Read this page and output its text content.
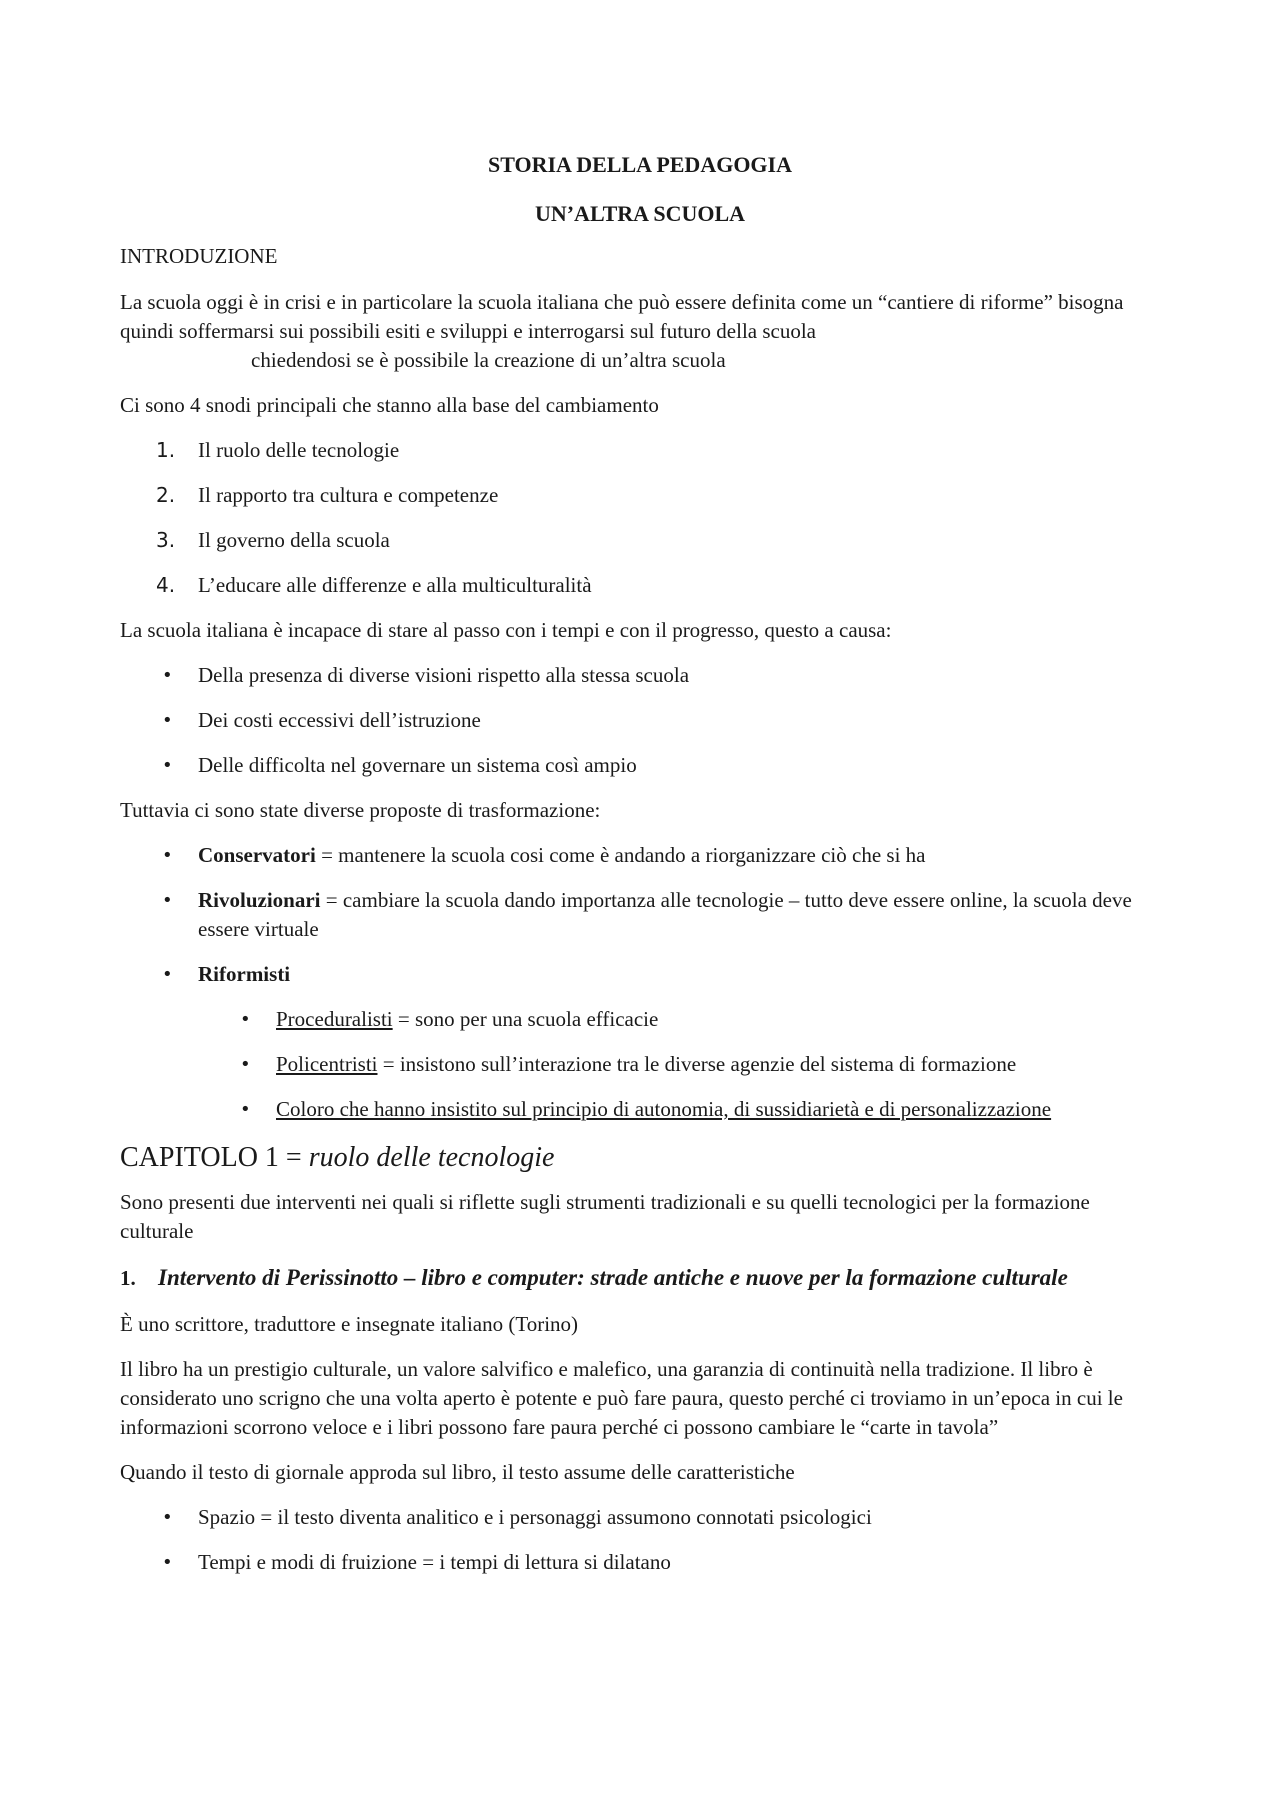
STORIA DELLA PEDAGOGIA

UN’ALTRA SCUOLA

INTRODUZIONE

La scuola oggi è in crisi e in particolare la scuola italiana che può essere definita come un “cantiere di riforme” bisogna quindi soffermarsi sui possibili esiti e sviluppi e interrogarsi sul futuro della scuola
chiedendosi se è possibile la creazione di un’altra scuola

Ci sono 4 snodi principali che stanno alla base del cambiamento

1. Il ruolo delle tecnologie
2. Il rapporto tra cultura e competenze
3. Il governo della scuola
4. L’educare alle differenze e alla multiculturalità

La scuola italiana è incapace di stare al passo con i tempi e con il progresso, questo a causa:

• Della presenza di diverse visioni rispetto alla stessa scuola
• Dei costi eccessivi dell’istruzione
• Delle difficolta nel governare un sistema così ampio

Tuttavia ci sono state diverse proposte di trasformazione:

• Conservatori = mantenere la scuola cosi come è andando a riorganizzare ciò che si ha
• Rivoluzionari = cambiare la scuola dando importanza alle tecnologie – tutto deve essere online, la scuola deve essere virtuale
• Riformisti
• Proceduralisti = sono per una scuola efficacie
• Policentristi = insistono sull’interazione tra le diverse agenzie del sistema di formazione
• Coloro che hanno insistito sul principio di autonomia, di sussidiarietà e di personalizzazione
CAPITOLO 1 = ruolo delle tecnologie

Sono presenti due interventi nei quali si riflette sugli strumenti tradizionali e su quelli tecnologici per la formazione culturale

1. Intervento di Perissinotto – libro e computer: strade antiche e nuove per la formazione culturale

È uno scrittore, traduttore e insegnate italiano (Torino)

Il libro ha un prestigio culturale, un valore salvifico e malefico, una garanzia di continuità nella tradizione. Il libro è considerato uno scrigno che una volta aperto è potente e può fare paura, questo perché ci troviamo in un’epoca in cui le informazioni scorrono veloce e i libri possono fare paura perché ci possono cambiare le “carte in tavola”

Quando il testo di giornale approda sul libro, il testo assume delle caratteristiche

• Spazio = il testo diventa analitico e i personaggi assumono connotati psicologici
• Tempi e modi di fruizione = i tempi di lettura si dilatano
